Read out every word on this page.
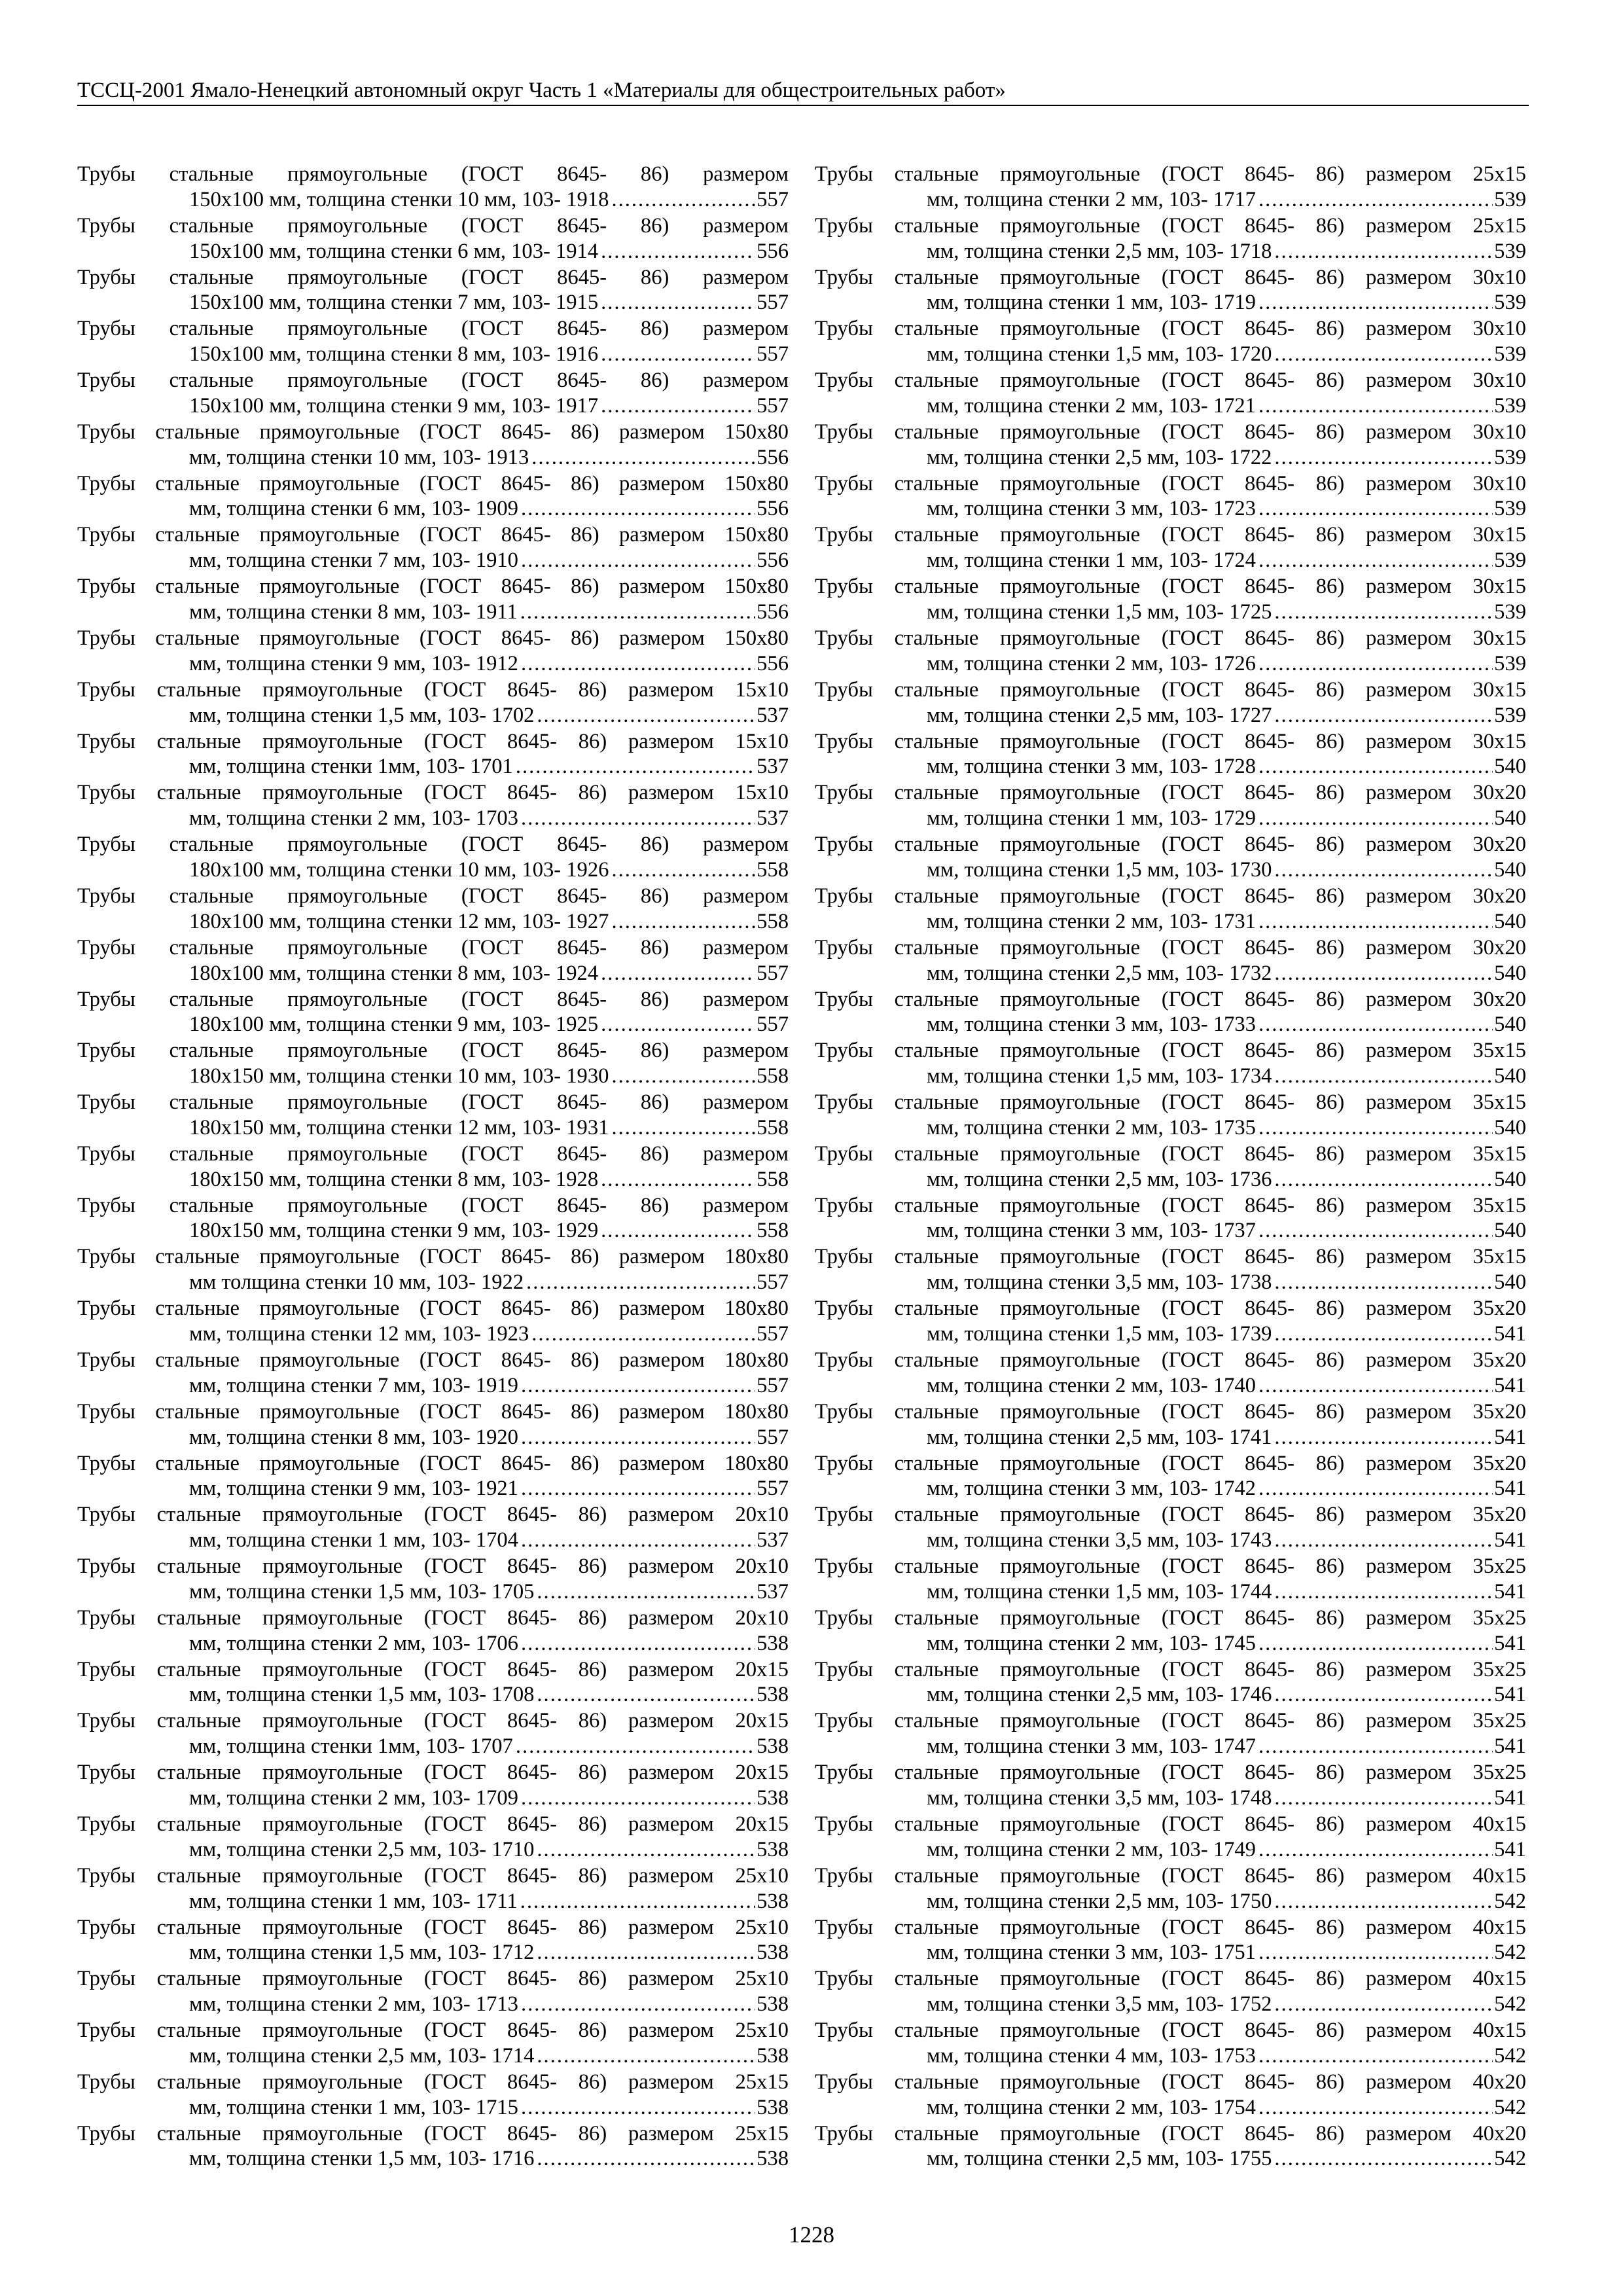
ТССЦ-2001 Ямало-Ненецкий автономный округ Часть 1 «Материалы для общестроительных работ»
Трубы стальные прямоугольные (ГОСТ 8645- 86) размером
150х100 мм, толщина стенки 10 мм, 103- 1918 .....	557
Трубы стальные прямоугольные (ГОСТ 8645- 86) размером
150х100 мм, толщина стенки 6 мм, 103- 1914 .....	556
Трубы стальные прямоугольные (ГОСТ 8645- 86) размером
150х100 мм, толщина стенки 7 мм, 103- 1915 .....	557
Трубы стальные прямоугольные (ГОСТ 8645- 86) размером
150х100 мм, толщина стенки 8 мм, 103- 1916 .....	557
Трубы стальные прямоугольные (ГОСТ 8645- 86) размером
150х100 мм, толщина стенки 9 мм, 103- 1917 .....	557
Трубы стальные прямоугольные (ГОСТ 8645- 86) размером 150х80
мм, толщина стенки 10 мм, 103- 1913 .....	556
Трубы стальные прямоугольные (ГОСТ 8645- 86) размером 150х80
мм, толщина стенки 6 мм, 103- 1909 .....	556
Трубы стальные прямоугольные (ГОСТ 8645- 86) размером 150х80
мм, толщина стенки 7 мм, 103- 1910 .....	556
Трубы стальные прямоугольные (ГОСТ 8645- 86) размером 150х80
мм, толщина стенки 8 мм, 103- 1911 .....	556
Трубы стальные прямоугольные (ГОСТ 8645- 86) размером 150х80
мм, толщина стенки 9 мм, 103- 1912 .....	556
Трубы стальные прямоугольные (ГОСТ 8645- 86) размером 15х10
мм, толщина стенки 1,5 мм, 103- 1702 .....	537
Трубы стальные прямоугольные (ГОСТ 8645- 86) размером 15х10
мм, толщина стенки 1мм, 103- 1701 .....	537
Трубы стальные прямоугольные (ГОСТ 8645- 86) размером 15х10
мм, толщина стенки 2 мм, 103- 1703 .....	537
Трубы стальные прямоугольные (ГОСТ 8645- 86) размером
180х100 мм, толщина стенки 10 мм, 103- 1926 .....	558
Трубы стальные прямоугольные (ГОСТ 8645- 86) размером
180х100 мм, толщина стенки 12 мм, 103- 1927 .....	558
Трубы стальные прямоугольные (ГОСТ 8645- 86) размером
180х100 мм, толщина стенки 8 мм, 103- 1924 .....	557
Трубы стальные прямоугольные (ГОСТ 8645- 86) размером
180х100 мм, толщина стенки 9 мм, 103- 1925 .....	557
Трубы стальные прямоугольные (ГОСТ 8645- 86) размером
180х150 мм, толщина стенки 10 мм, 103- 1930 .....	558
Трубы стальные прямоугольные (ГОСТ 8645- 86) размером
180х150 мм, толщина стенки 12 мм, 103- 1931 .....	558
Трубы стальные прямоугольные (ГОСТ 8645- 86) размером
180х150 мм, толщина стенки 8 мм, 103- 1928 .....	558
Трубы стальные прямоугольные (ГОСТ 8645- 86) размером
180х150 мм, толщина стенки 9 мм, 103- 1929 .....	558
Трубы стальные прямоугольные (ГОСТ 8645- 86) размером 180х80
мм толщина стенки 10 мм, 103- 1922 .....	557
Трубы стальные прямоугольные (ГОСТ 8645- 86) размером 180х80
мм, толщина стенки 12 мм, 103- 1923 .....	557
Трубы стальные прямоугольные (ГОСТ 8645- 86) размером 180х80
мм, толщина стенки 7 мм, 103- 1919 .....	557
Трубы стальные прямоугольные (ГОСТ 8645- 86) размером 180х80
мм, толщина стенки 8 мм, 103- 1920 .....	557
Трубы стальные прямоугольные (ГОСТ 8645- 86) размером 180х80
мм, толщина стенки 9 мм, 103- 1921 .....	557
Трубы стальные прямоугольные (ГОСТ 8645- 86) размером 20х10
мм, толщина стенки 1 мм, 103- 1704 .....	537
Трубы стальные прямоугольные (ГОСТ 8645- 86) размером 20х10
мм, толщина стенки 1,5 мм, 103- 1705 .....	537
Трубы стальные прямоугольные (ГОСТ 8645- 86) размером 20х10
мм, толщина стенки 2 мм, 103- 1706 .....	538
Трубы стальные прямоугольные (ГОСТ 8645- 86) размером 20х15
мм, толщина стенки 1,5 мм, 103- 1708 .....	538
Трубы стальные прямоугольные (ГОСТ 8645- 86) размером 20х15
мм, толщина стенки 1мм, 103- 1707 .....	538
Трубы стальные прямоугольные (ГОСТ 8645- 86) размером 20х15
мм, толщина стенки 2 мм, 103- 1709 .....	538
Трубы стальные прямоугольные (ГОСТ 8645- 86) размером 20х15
мм, толщина стенки 2,5 мм, 103- 1710 .....	538
Трубы стальные прямоугольные (ГОСТ 8645- 86) размером 25х10
мм, толщина стенки 1 мм, 103- 1711 .....	538
Трубы стальные прямоугольные (ГОСТ 8645- 86) размером 25х10
мм, толщина стенки 1,5 мм, 103- 1712 .....	538
Трубы стальные прямоугольные (ГОСТ 8645- 86) размером 25х10
мм, толщина стенки 2 мм, 103- 1713 .....	538
Трубы стальные прямоугольные (ГОСТ 8645- 86) размером 25х10
мм, толщина стенки 2,5 мм, 103- 1714 .....	538
Трубы стальные прямоугольные (ГОСТ 8645- 86) размером 25х15
мм, толщина стенки 1 мм, 103- 1715 .....	538
Трубы стальные прямоугольные (ГОСТ 8645- 86) размером 25х15
мм, толщина стенки 1,5 мм, 103- 1716 .....	538
Трубы стальные прямоугольные (ГОСТ 8645- 86) размером 25х15
мм, толщина стенки 2 мм, 103- 1717 .....	539
Трубы стальные прямоугольные (ГОСТ 8645- 86) размером 25х15
мм, толщина стенки 2,5 мм, 103- 1718 .....	539
Трубы стальные прямоугольные (ГОСТ 8645- 86) размером 30х10
мм, толщина стенки 1 мм, 103- 1719 .....	539
Трубы стальные прямоугольные (ГОСТ 8645- 86) размером 30х10
мм, толщина стенки 1,5 мм, 103- 1720 .....	539
Трубы стальные прямоугольные (ГОСТ 8645- 86) размером 30х10
мм, толщина стенки 2 мм, 103- 1721 .....	539
Трубы стальные прямоугольные (ГОСТ 8645- 86) размером 30х10
мм, толщина стенки 2,5 мм, 103- 1722 .....	539
Трубы стальные прямоугольные (ГОСТ 8645- 86) размером 30х10
мм, толщина стенки 3 мм, 103- 1723 .....	539
Трубы стальные прямоугольные (ГОСТ 8645- 86) размером 30х15
мм, толщина стенки 1 мм, 103- 1724 .....	539
Трубы стальные прямоугольные (ГОСТ 8645- 86) размером 30х15
мм, толщина стенки 1,5 мм, 103- 1725 .....	539
Трубы стальные прямоугольные (ГОСТ 8645- 86) размером 30х15
мм, толщина стенки 2 мм, 103- 1726 .....	539
Трубы стальные прямоугольные (ГОСТ 8645- 86) размером 30х15
мм, толщина стенки 2,5 мм, 103- 1727 .....	539
Трубы стальные прямоугольные (ГОСТ 8645- 86) размером 30х15
мм, толщина стенки 3 мм, 103- 1728 .....	540
Трубы стальные прямоугольные (ГОСТ 8645- 86) размером 30х20
мм, толщина стенки 1 мм, 103- 1729 .....	540
Трубы стальные прямоугольные (ГОСТ 8645- 86) размером 30х20
мм, толщина стенки 1,5 мм, 103- 1730 .....	540
Трубы стальные прямоугольные (ГОСТ 8645- 86) размером 30х20
мм, толщина стенки 2 мм, 103- 1731 .....	540
Трубы стальные прямоугольные (ГОСТ 8645- 86) размером 30х20
мм, толщина стенки 2,5 мм, 103- 1732 .....	540
Трубы стальные прямоугольные (ГОСТ 8645- 86) размером 30х20
мм, толщина стенки 3 мм, 103- 1733 .....	540
Трубы стальные прямоугольные (ГОСТ 8645- 86) размером 35х15
мм, толщина стенки 1,5 мм, 103- 1734 .....	540
Трубы стальные прямоугольные (ГОСТ 8645- 86) размером 35х15
мм, толщина стенки 2 мм, 103- 1735 .....	540
Трубы стальные прямоугольные (ГОСТ 8645- 86) размером 35х15
мм, толщина стенки 2,5 мм, 103- 1736 .....	540
Трубы стальные прямоугольные (ГОСТ 8645- 86) размером 35х15
мм, толщина стенки 3 мм, 103- 1737 .....	540
Трубы стальные прямоугольные (ГОСТ 8645- 86) размером 35х15
мм, толщина стенки 3,5 мм, 103- 1738 .....	540
Трубы стальные прямоугольные (ГОСТ 8645- 86) размером 35х20
мм, толщина стенки 1,5 мм, 103- 1739 .....	541
Трубы стальные прямоугольные (ГОСТ 8645- 86) размером 35х20
мм, толщина стенки 2 мм, 103- 1740 .....	541
Трубы стальные прямоугольные (ГОСТ 8645- 86) размером 35х20
мм, толщина стенки 2,5 мм, 103- 1741 .....	541
Трубы стальные прямоугольные (ГОСТ 8645- 86) размером 35х20
мм, толщина стенки 3 мм, 103- 1742 .....	541
Трубы стальные прямоугольные (ГОСТ 8645- 86) размером 35х20
мм, толщина стенки 3,5 мм, 103- 1743 .....	541
Трубы стальные прямоугольные (ГОСТ 8645- 86) размером 35х25
мм, толщина стенки 1,5 мм, 103- 1744 .....	541
Трубы стальные прямоугольные (ГОСТ 8645- 86) размером 35х25
мм, толщина стенки 2 мм, 103- 1745 .....	541
Трубы стальные прямоугольные (ГОСТ 8645- 86) размером 35х25
мм, толщина стенки 2,5 мм, 103- 1746 .....	541
Трубы стальные прямоугольные (ГОСТ 8645- 86) размером 35х25
мм, толщина стенки 3 мм, 103- 1747 .....	541
Трубы стальные прямоугольные (ГОСТ 8645- 86) размером 35х25
мм, толщина стенки 3,5 мм, 103- 1748 .....	541
Трубы стальные прямоугольные (ГОСТ 8645- 86) размером 40х15
мм, толщина стенки 2 мм, 103- 1749 .....	541
Трубы стальные прямоугольные (ГОСТ 8645- 86) размером 40х15
мм, толщина стенки 2,5 мм, 103- 1750 .....	542
Трубы стальные прямоугольные (ГОСТ 8645- 86) размером 40х15
мм, толщина стенки 3 мм, 103- 1751 .....	542
Трубы стальные прямоугольные (ГОСТ 8645- 86) размером 40х15
мм, толщина стенки 3,5 мм, 103- 1752 .....	542
Трубы стальные прямоугольные (ГОСТ 8645- 86) размером 40х15
мм, толщина стенки 4 мм, 103- 1753 .....	542
Трубы стальные прямоугольные (ГОСТ 8645- 86) размером 40х20
мм, толщина стенки 2 мм, 103- 1754 .....	542
Трубы стальные прямоугольные (ГОСТ 8645- 86) размером 40х20
мм, толщина стенки 2,5 мм, 103- 1755 .....	542
1228
